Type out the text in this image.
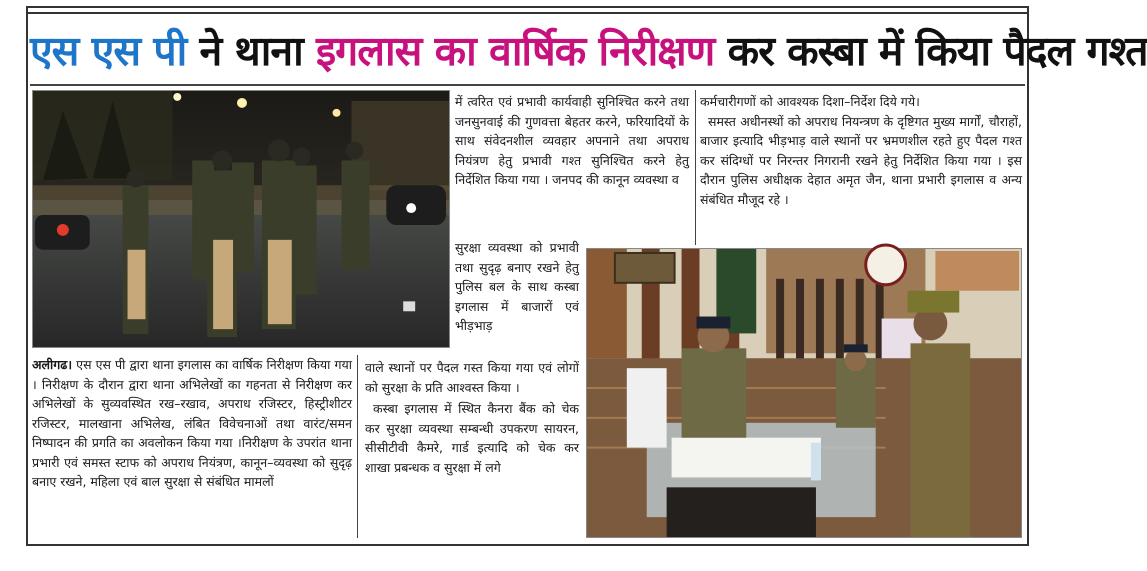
एस एस पी ने थाना इगलास का वार्षिक निरीक्षण कर कस्बा में किया पैदल गश्त

अलीगढ। एस एस पी द्वारा थाना इगलास का वार्षिक निरीक्षण किया गया । निरीक्षण के दौरान द्वारा थाना अभिलेखों का गहनता से निरीक्षण कर अभिलेखों के सुव्यवस्थित रख–रखाव, अपराध रजिस्टर, हिस्ट्रीशीटर रजिस्टर, मालखाना अभिलेख, लंबित विवेचनाओं तथा वारंट/समन निष्पादन की प्रगति का अवलोकन किया गया ।निरीक्षण के उपरांत थाना प्रभारी एवं समस्त स्टाफ को अपराध नियंत्रण, कानून–व्यवस्था को सुदृढ़ बनाए रखने, महिला एवं बाल सुरक्षा से संबंधित मामलों

में त्वरित एवं प्रभावी कार्यवाही सुनिश्चित करने तथा जनसुनवाई की गुणवत्ता बेहतर करने, फरियादियों के साथ संवेदनशील व्यवहार अपनाने तथा अपराध नियंत्रण हेतु प्रभावी गश्त सुनिश्चित करने हेतु निर्देशित किया गया । जनपद की कानून व्यवस्था व

सुरक्षा व्यवस्था को प्रभावी तथा सुदृढ़ बनाए रखने हेतु पुलिस बल के साथ कस्बा इगलास में बाजारों एवं भीड़भाड़

वाले स्थानों पर पैदल गस्त किया गया एवं लोगों को सुरक्षा के प्रति आश्वस्त किया ।

कस्बा इगलास में स्थित कैनरा बैंक को चेक कर सुरक्षा व्यवस्था सम्बन्धी उपकरण सायरन, सीसीटीवी कैमरे, गार्ड इत्यादि को चेक कर शाखा प्रबन्धक व सुरक्षा में लगे

कर्मचारीगणों को आवश्यक दिशा–निर्देश दिये गये।

समस्त अधीनस्थों को अपराध नियन्त्रण के दृष्टिगत मुख्य मार्गों, चौराहों, बाजार इत्यादि भीड़भाड़ वाले स्थानों पर भ्रमणशील रहते हुए पैदल गश्त कर संदिग्धों पर निरन्तर निगरानी रखने हेतु निर्देशित किया गया । इस दौरान पुलिस अधीक्षक देहात अमृत जैन, थाना प्रभारी इगलास व अन्य संबंधित मौजूद रहे ।
